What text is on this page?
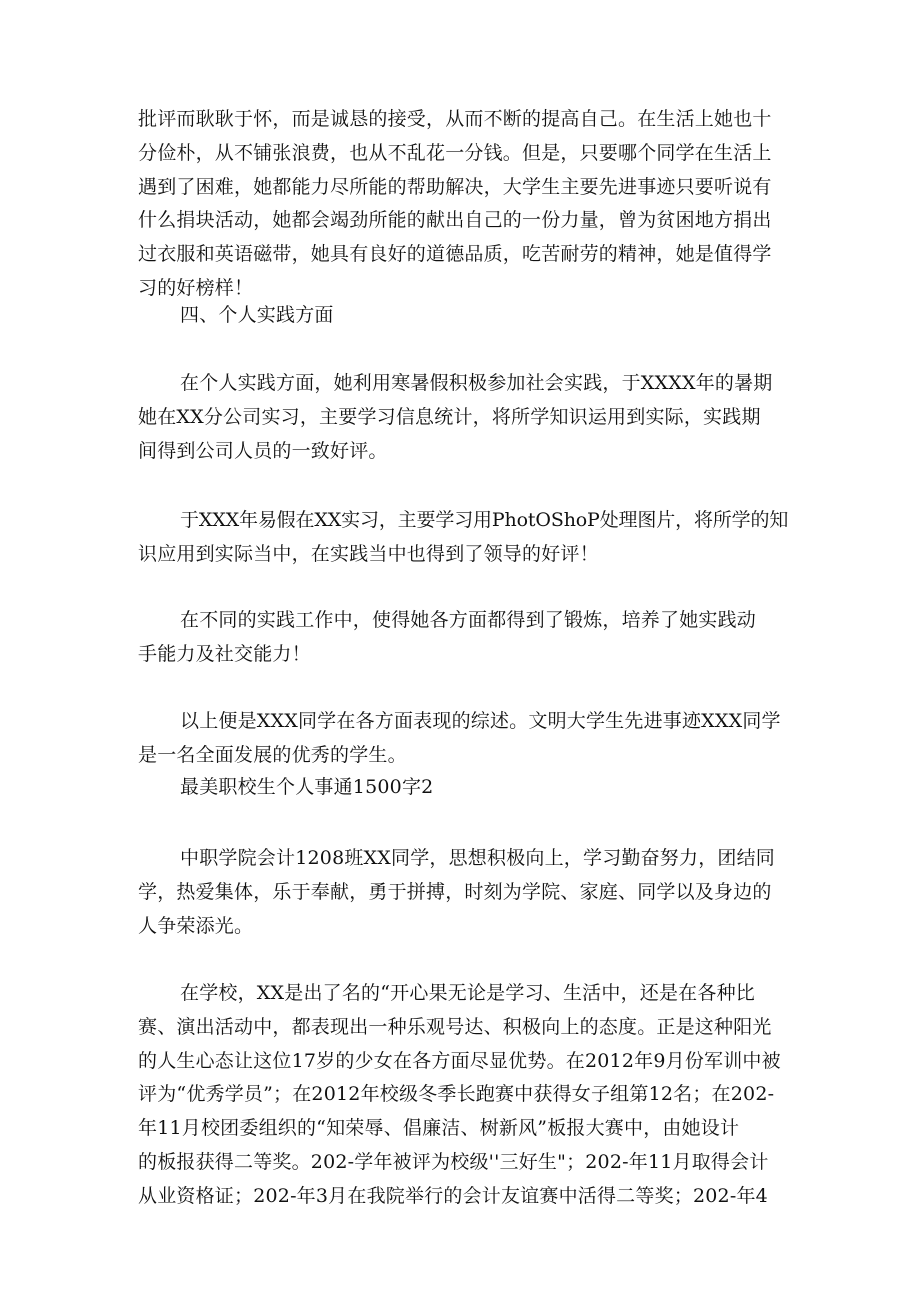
批评而耿耿于怀，而是诚恳的接受，从而不断的提高自己。在生活上她也十
分俭朴，从不铺张浪费，也从不乱花一分钱。但是，只要哪个同学在生活上
遇到了困难，她都能力尽所能的帮助解决，大学生主要先进事迹只要听说有
什么捐块活动，她都会竭劲所能的献出自己的一份力量，曾为贫困地方捐出
过衣服和英语磁带，她具有良好的道德品质，吃苦耐劳的精神，她是值得学
习的好榜样！
四、个人实践方面
在个人实践方面，她利用寒暑假积极参加社会实践，于XXXX年的暑期
她在XX分公司实习，主要学习信息统计，将所学知识运用到实际，实践期
间得到公司人员的一致好评。
于XXX年易假在XX实习，主要学习用PhotOShoP处理图片，将所学的知
识应用到实际当中，在实践当中也得到了领导的好评！
在不同的实践工作中，使得她各方面都得到了锻炼，培养了她实践动
手能力及社交能力！
以上便是XXX同学在各方面表现的综述。文明大学生先进事迹XXX同学
是一名全面发展的优秀的学生。
最美职校生个人事通1500字2
中职学院会计1208班XX同学，思想积极向上，学习勤奋努力，团结同
学，热爱集体，乐于奉献，勇于拼搏，时刻为学院、家庭、同学以及身边的
人争荣添光。
在学校，XX是出了名的“开心果无论是学习、生活中，还是在各种比
赛、演出活动中，都表现出一种乐观号达、积极向上的态度。正是这种阳光
的人生心态让这位17岁的少女在各方面尽显优势。在2012年9月份军训中被
评为“优秀学员”；在2012年校级冬季长跑赛中获得女子组第12名；在202-
年11月校团委组织的“知荣辱、倡廉洁、树新风”板报大赛中，由她设计
的板报获得二等奖。202-学年被评为校级''三好生"；202-年11月取得会计
从业资格证；202-年3月在我院举行的会计友谊赛中活得二等奖；202-年4
